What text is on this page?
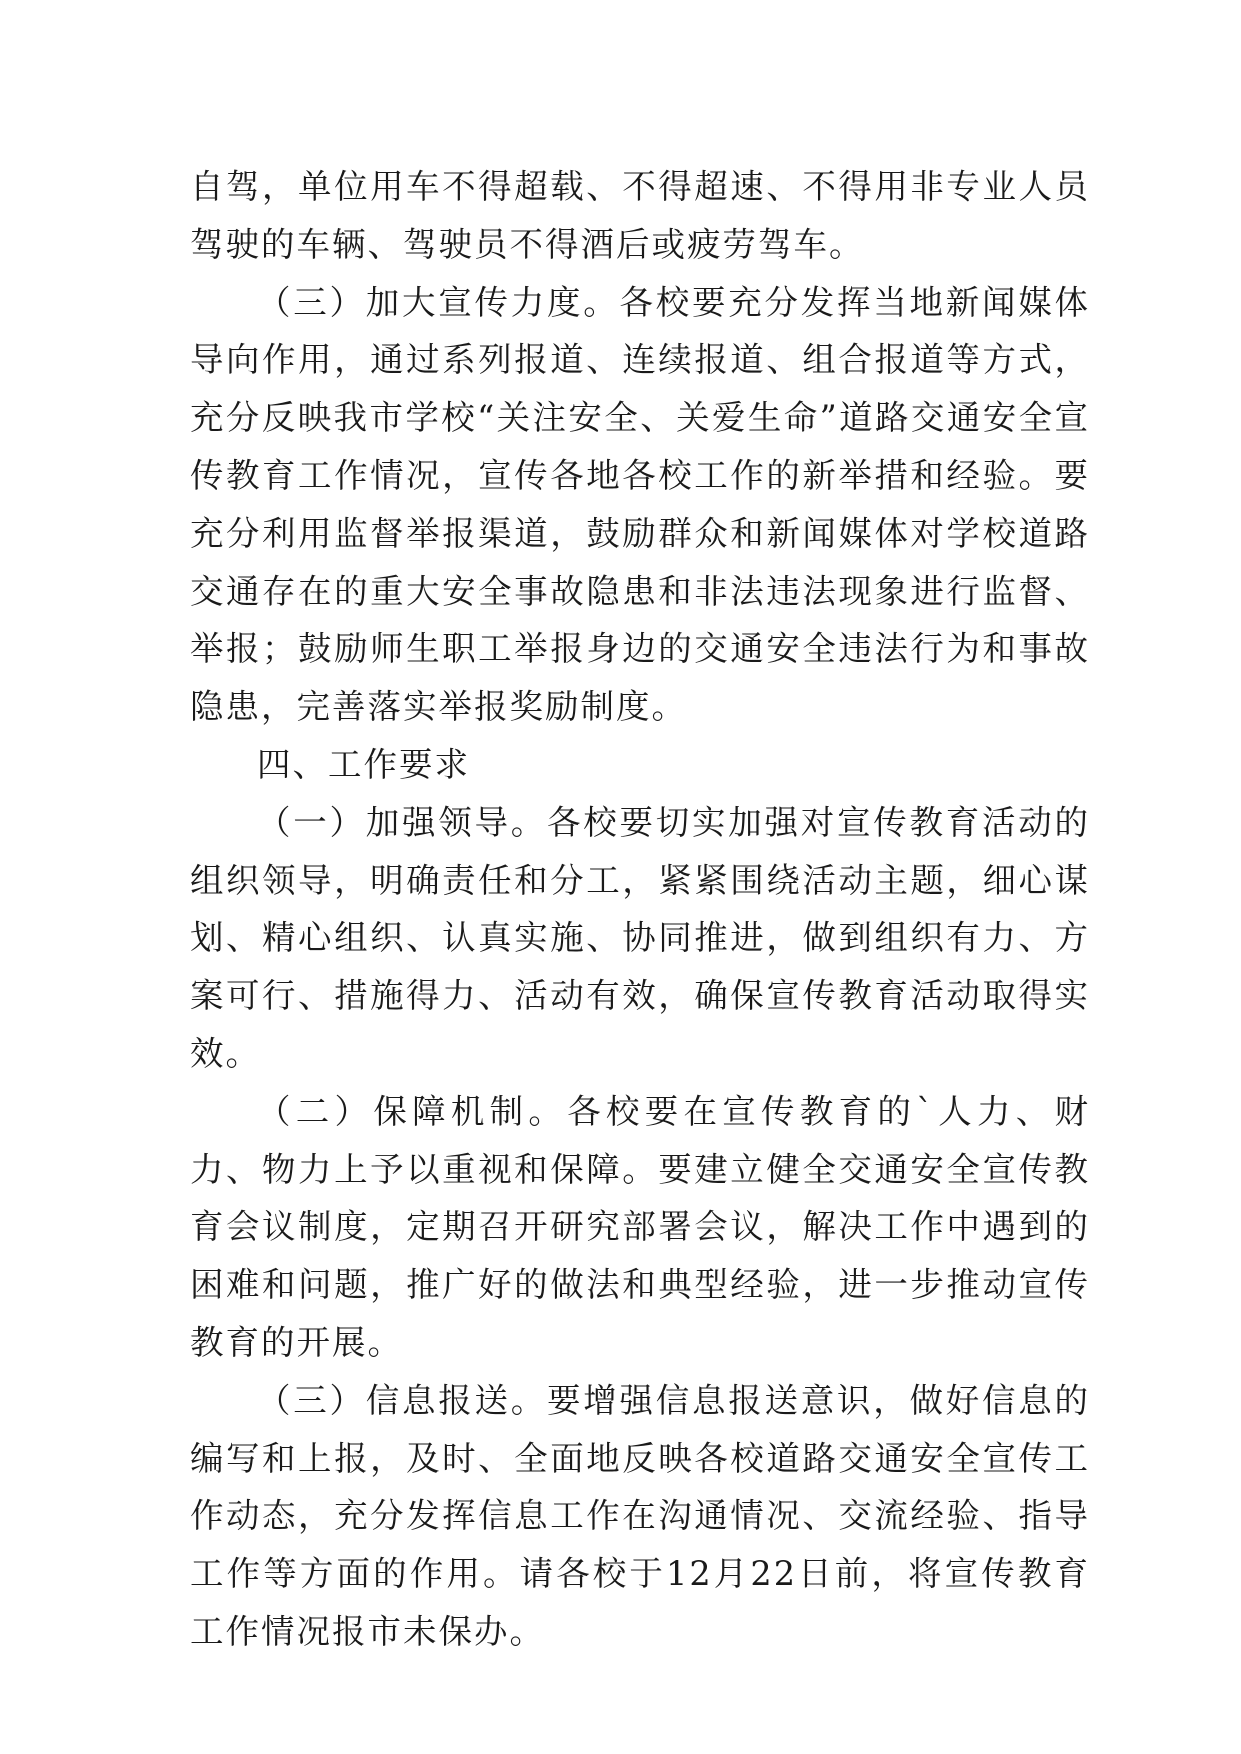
自驾，单位用车不得超载、不得超速、不得用非专业人员驾驶的车辆、驾驶员不得酒后或疲劳驾车。

（三）加大宣传力度。各校要充分发挥当地新闻媒体导向作用，通过系列报道、连续报道、组合报道等方式，充分反映我市学校“关注安全、关爱生命”道路交通安全宣传教育工作情况，宣传各地各校工作的新举措和经验。要充分利用监督举报渠道，鼓励群众和新闻媒体对学校道路交通存在的重大安全事故隐患和非法违法现象进行监督、举报；鼓励师生职工举报身边的交通安全违法行为和事故隐患，完善落实举报奖励制度。

四、工作要求

（一）加强领导。各校要切实加强对宣传教育活动的组织领导，明确责任和分工，紧紧围绕活动主题，细心谋划、精心组织、认真实施、协同推进，做到组织有力、方案可行、措施得力、活动有效，确保宣传教育活动取得实效。

（二）保障机制。各校要在宣传教育的`人力、财力、物力上予以重视和保障。要建立健全交通安全宣传教育会议制度，定期召开研究部署会议，解决工作中遇到的困难和问题，推广好的做法和典型经验，进一步推动宣传教育的开展。

（三）信息报送。要增强信息报送意识，做好信息的编写和上报，及时、全面地反映各校道路交通安全宣传工作动态，充分发挥信息工作在沟通情况、交流经验、指导工作等方面的作用。请各校于12月22日前，将宣传教育工作情况报市未保办。
